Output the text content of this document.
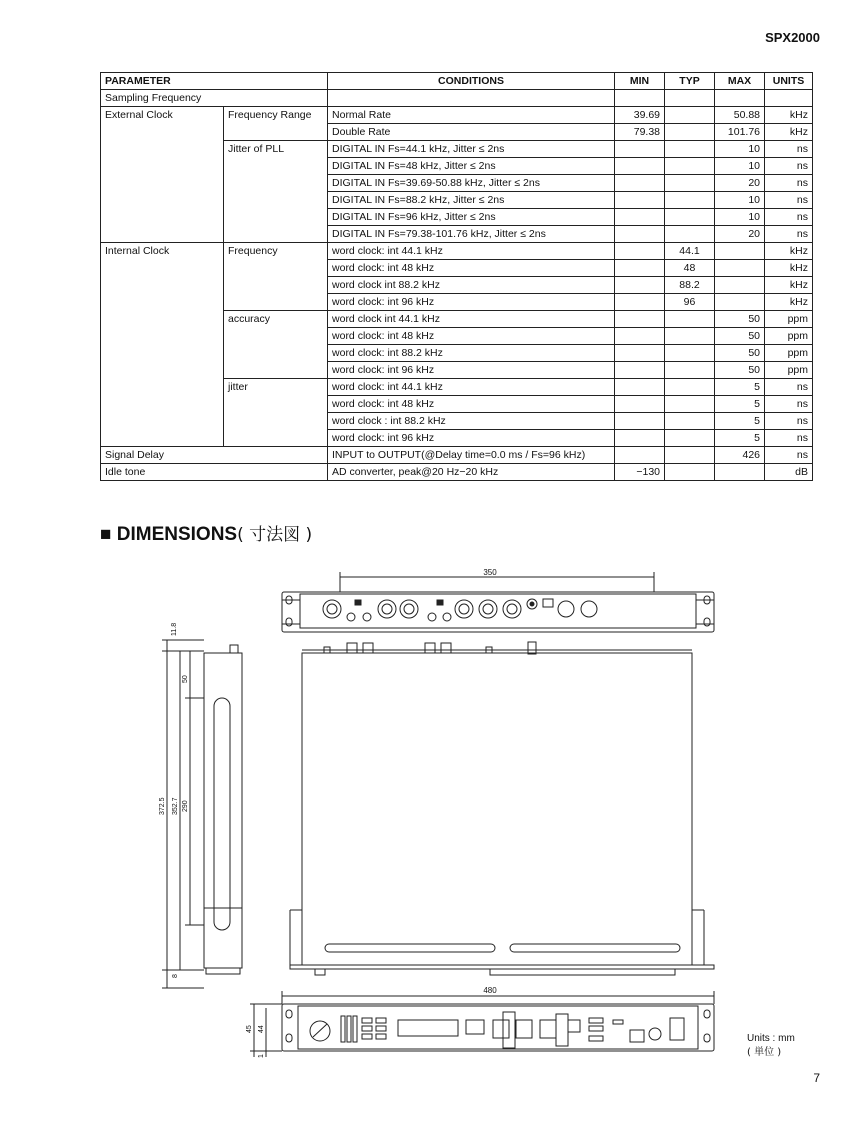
SPX2000
PARAMETER		CONDITIONS	MIN	TYP	MAX	UNITS
Sampling Frequency						
External Clock	Frequency Range	Normal Rate	39.69		50.88	kHz
		Double Rate	79.38		101.76	kHz
	Jitter of PLL	DIGITAL IN Fs=44.1 kHz, Jitter ≤ 2ns			10	ns
		DIGITAL IN Fs=48 kHz, Jitter ≤ 2ns			10	ns
		DIGITAL IN Fs=39.69-50.88 kHz, Jitter ≤ 2ns			20	ns
		DIGITAL IN Fs=88.2 kHz, Jitter ≤ 2ns			10	ns
		DIGITAL IN Fs=96 kHz, Jitter ≤ 2ns			10	ns
		DIGITAL IN Fs=79.38-101.76 kHz, Jitter ≤ 2ns			20	ns
Internal Clock	Frequency	word clock: int 44.1 kHz		44.1		kHz
		word clock: int 48 kHz		48		kHz
		word clock int 88.2 kHz		88.2		kHz
		word clock: int 96 kHz		96		kHz
	accuracy	word clock int 44.1 kHz			50	ppm
		word clock: int 48 kHz			50	ppm
		word clock: int 88.2 kHz			50	ppm
		word clock: int 96 kHz			50	ppm
	jitter	word clock: int 44.1 kHz			5	ns
		word clock: int 48 kHz			5	ns
		word clock : int 88.2 kHz			5	ns
		word clock: int 96 kHz			5	ns
Signal Delay		INPUT to OUTPUT(@Delay time=0.0 ms / Fs=96 kHz)			426	ns
Idle tone		AD converter, peak@20 Hz−20 kHz	−130			dB
■ DIMENSIONS( 寸法図 )
350
11.8
50
372.5 352.7 290
8
480
45 44
1
Units : mm
( 単位 )
7
